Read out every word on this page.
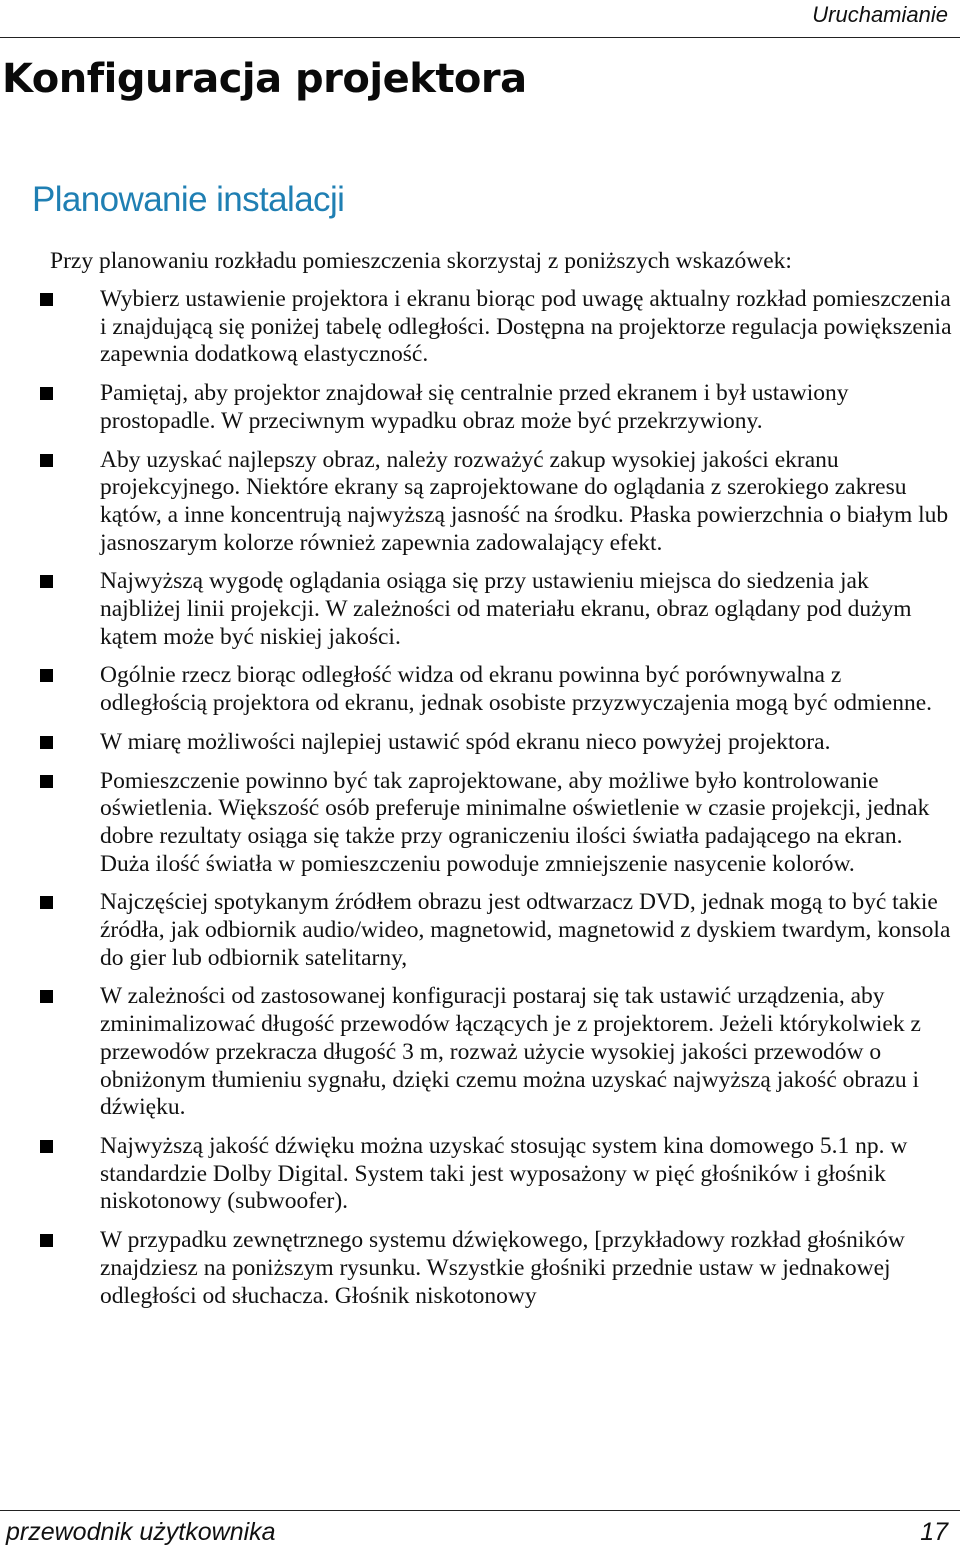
Uruchamianie
Konfiguracja projektora
Planowanie instalacji

Przy planowaniu rozkładu pomieszczenia skorzystaj z poniższych wskazówek:

Wybierz ustawienie projektora i ekranu biorąc pod uwagę aktualny rozkład pomieszczenia i znajdującą się poniżej tabelę odległości. Dostępna na projektorze regulacja powiększenia zapewnia dodatkową elastyczność.
Pamiętaj, aby projektor znajdował się centralnie przed ekranem i był ustawiony prostopadle. W przeciwnym wypadku obraz może być przekrzywiony.
Aby uzyskać najlepszy obraz, należy rozważyć zakup wysokiej jakości ekranu projekcyjnego. Niektóre ekrany są zaprojektowane do oglądania z szerokiego zakresu kątów, a inne koncentrują najwyższą jasność na środku. Płaska powierzchnia o białym lub jasnoszarym kolorze również zapewnia zadowalający efekt.
Najwyższą wygodę oglądania osiąga się przy ustawieniu miejsca do siedzenia jak najbliżej linii projekcji. W zależności od materiału ekranu, obraz oglądany pod dużym kątem może być niskiej jakości.
Ogólnie rzecz biorąc odległość widza od ekranu powinna być porównywalna z odległością projektora od ekranu, jednak osobiste przyzwyczajenia mogą być odmienne.
W miarę możliwości najlepiej ustawić spód ekranu nieco powyżej projektora.
Pomieszczenie powinno być tak zaprojektowane, aby możliwe było kontrolowanie oświetlenia. Większość osób preferuje minimalne oświetlenie w czasie projekcji, jednak dobre rezultaty osiąga się także przy ograniczeniu ilości światła padającego na ekran. Duża ilość światła w pomieszczeniu powoduje zmniejszenie nasycenie kolorów.
Najczęściej spotykanym źródłem obrazu jest odtwarzacz DVD, jednak mogą to być takie źródła, jak odbiornik audio/wideo, magnetowid, magnetowid z dyskiem twardym, konsola do gier lub odbiornik satelitarny,
W zależności od zastosowanej konfiguracji postaraj się tak ustawić urządzenia, aby zminimalizować długość przewodów łączących je z projektorem. Jeżeli którykolwiek z przewodów przekracza długość 3 m, rozważ użycie wysokiej jakości przewodów o obniżonym tłumieniu sygnału, dzięki czemu można uzyskać najwyższą jakość obrazu i dźwięku.
Najwyższą jakość dźwięku można uzyskać stosując system kina domowego 5.1 np. w standardzie Dolby Digital. System taki jest wyposażony w pięć głośników i głośnik niskotonowy (subwoofer).
W przypadku zewnętrznego systemu dźwiękowego, [przykładowy rozkład głośników znajdziesz na poniższym rysunku. Wszystkie głośniki przednie ustaw w jednakowej odległości od słuchacza. Głośnik niskotonowy
przewodnik użytkownika	17
